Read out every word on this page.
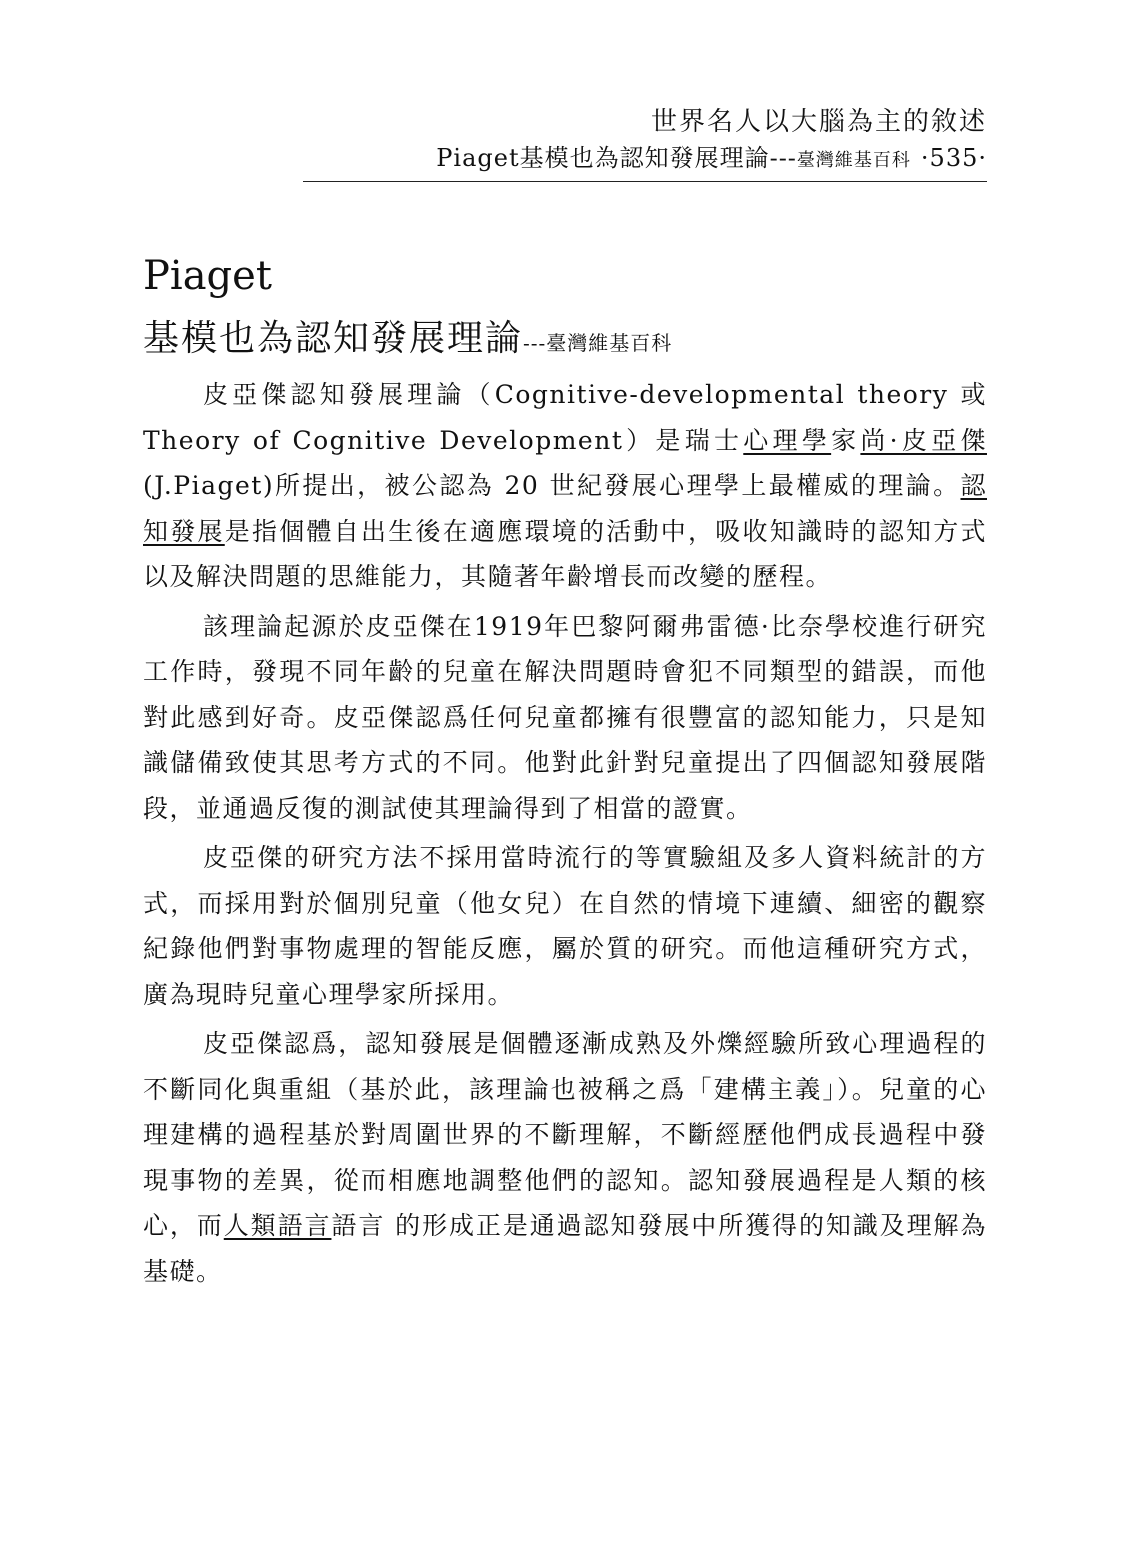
世界名人以大腦為主的敘述
Piaget基模也為認知發展理論---臺灣維基百科 ·535·
Piaget
基模也為認知發展理論---臺灣維基百科

皮亞傑認知發展理論（Cognitive-developmental theory 或 Theory of Cognitive Development）是瑞士心理學家尚·皮亞傑(J.Piaget)所提出，被公認為 20 世紀發展心理學上最權威的理論。認知發展是指個體自出生後在適應環境的活動中，吸收知識時的認知方式以及解決問題的思維能力，其隨著年齡增長而改變的歷程。

該理論起源於皮亞傑在1919年巴黎阿爾弗雷德·比奈學校進行研究工作時，發現不同年齡的兒童在解決問題時會犯不同類型的錯誤，而他對此感到好奇。皮亞傑認爲任何兒童都擁有很豐富的認知能力，只是知識儲備致使其思考方式的不同。他對此針對兒童提出了四個認知發展階段，並通過反復的測試使其理論得到了相當的證實。

皮亞傑的研究方法不採用當時流行的等實驗組及多人資料統計的方式，而採用對於個別兒童（他女兒）在自然的情境下連續、細密的觀察紀錄他們對事物處理的智能反應，屬於質的研究。而他這種研究方式，廣為現時兒童心理學家所採用。

皮亞傑認爲，認知發展是個體逐漸成熟及外爍經驗所致心理過程的不斷同化與重組（基於此，該理論也被稱之爲「建構主義」）。兒童的心理建構的過程基於對周圍世界的不斷理解，不斷經歷他們成長過程中發現事物的差異，從而相應地調整他們的認知。認知發展過程是人類的核心，而人類語言語言 的形成正是通過認知發展中所獲得的知識及理解為基礎。
